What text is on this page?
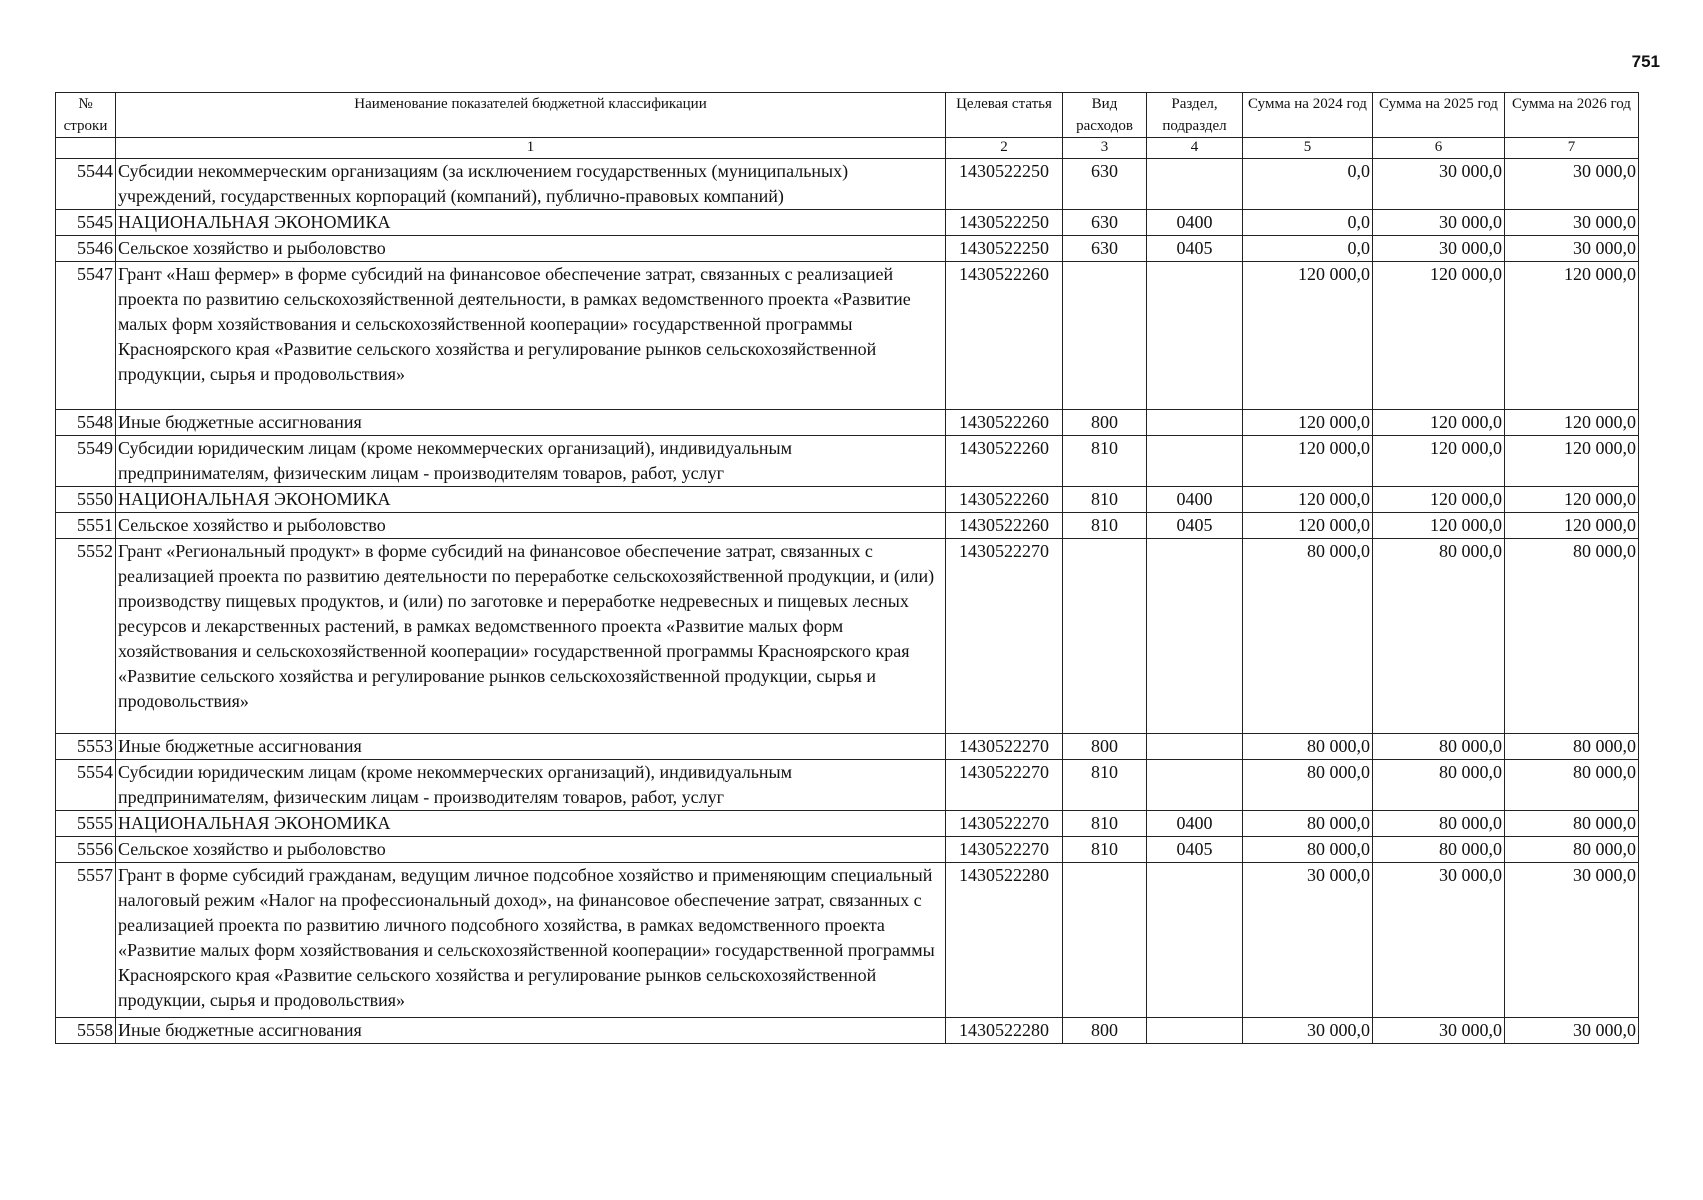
751
№ строки	Наименование показателей бюджетной классификации	Целевая статья	Вид расходов	Раздел, подраздел	Сумма на 2024 год	Сумма на 2025 год	Сумма на 2026 год
	1	2	3	4	5	6	7
5544	Субсидии некоммерческим организациям (за исключением государственных (муниципальных) учреждений, государственных корпораций (компаний), публично-правовых компаний)	1430522250	630		0,0	30 000,0	30 000,0
5545	НАЦИОНАЛЬНАЯ ЭКОНОМИКА	1430522250	630	0400	0,0	30 000,0	30 000,0
5546	Сельское хозяйство и рыболовство	1430522250	630	0405	0,0	30 000,0	30 000,0
5547	Грант «Наш фермер» в форме субсидий на финансовое обеспечение затрат, связанных с реализацией проекта по развитию сельскохозяйственной деятельности, в рамках ведомственного проекта «Развитие малых форм хозяйствования и сельскохозяйственной кооперации» государственной программы Красноярского края «Развитие сельского хозяйства и регулирование рынков сельскохозяйственной продукции, сырья и продовольствия»	1430522260			120 000,0	120 000,0	120 000,0
5548	Иные бюджетные ассигнования	1430522260	800		120 000,0	120 000,0	120 000,0
5549	Субсидии юридическим лицам (кроме некоммерческих организаций), индивидуальным предпринимателям, физическим лицам - производителям товаров, работ, услуг	1430522260	810		120 000,0	120 000,0	120 000,0
5550	НАЦИОНАЛЬНАЯ ЭКОНОМИКА	1430522260	810	0400	120 000,0	120 000,0	120 000,0
5551	Сельское хозяйство и рыболовство	1430522260	810	0405	120 000,0	120 000,0	120 000,0
5552	Грант «Региональный продукт» в форме субсидий на финансовое обеспечение затрат, связанных с реализацией проекта по развитию деятельности по переработке сельскохозяйственной продукции, и (или) производству пищевых продуктов, и (или) по заготовке и переработке недревесных и пищевых лесных ресурсов и лекарственных растений, в рамках ведомственного проекта «Развитие малых форм хозяйствования и сельскохозяйственной кооперации» государственной программы Красноярского края «Развитие сельского хозяйства и регулирование рынков сельскохозяйственной продукции, сырья и продовольствия»	1430522270			80 000,0	80 000,0	80 000,0
5553	Иные бюджетные ассигнования	1430522270	800		80 000,0	80 000,0	80 000,0
5554	Субсидии юридическим лицам (кроме некоммерческих организаций), индивидуальным предпринимателям, физическим лицам - производителям товаров, работ, услуг	1430522270	810		80 000,0	80 000,0	80 000,0
5555	НАЦИОНАЛЬНАЯ ЭКОНОМИКА	1430522270	810	0400	80 000,0	80 000,0	80 000,0
5556	Сельское хозяйство и рыболовство	1430522270	810	0405	80 000,0	80 000,0	80 000,0
5557	Грант в форме субсидий гражданам, ведущим личное подсобное хозяйство и применяющим специальный налоговый режим «Налог на профессиональный доход», на финансовое обеспечение затрат, связанных с реализацией проекта по развитию личного подсобного хозяйства, в рамках ведомственного проекта «Развитие малых форм хозяйствования и сельскохозяйственной кооперации» государственной программы Красноярского края «Развитие сельского хозяйства и регулирование рынков сельскохозяйственной продукции, сырья и продовольствия»	1430522280			30 000,0	30 000,0	30 000,0
5558	Иные бюджетные ассигнования	1430522280	800		30 000,0	30 000,0	30 000,0
